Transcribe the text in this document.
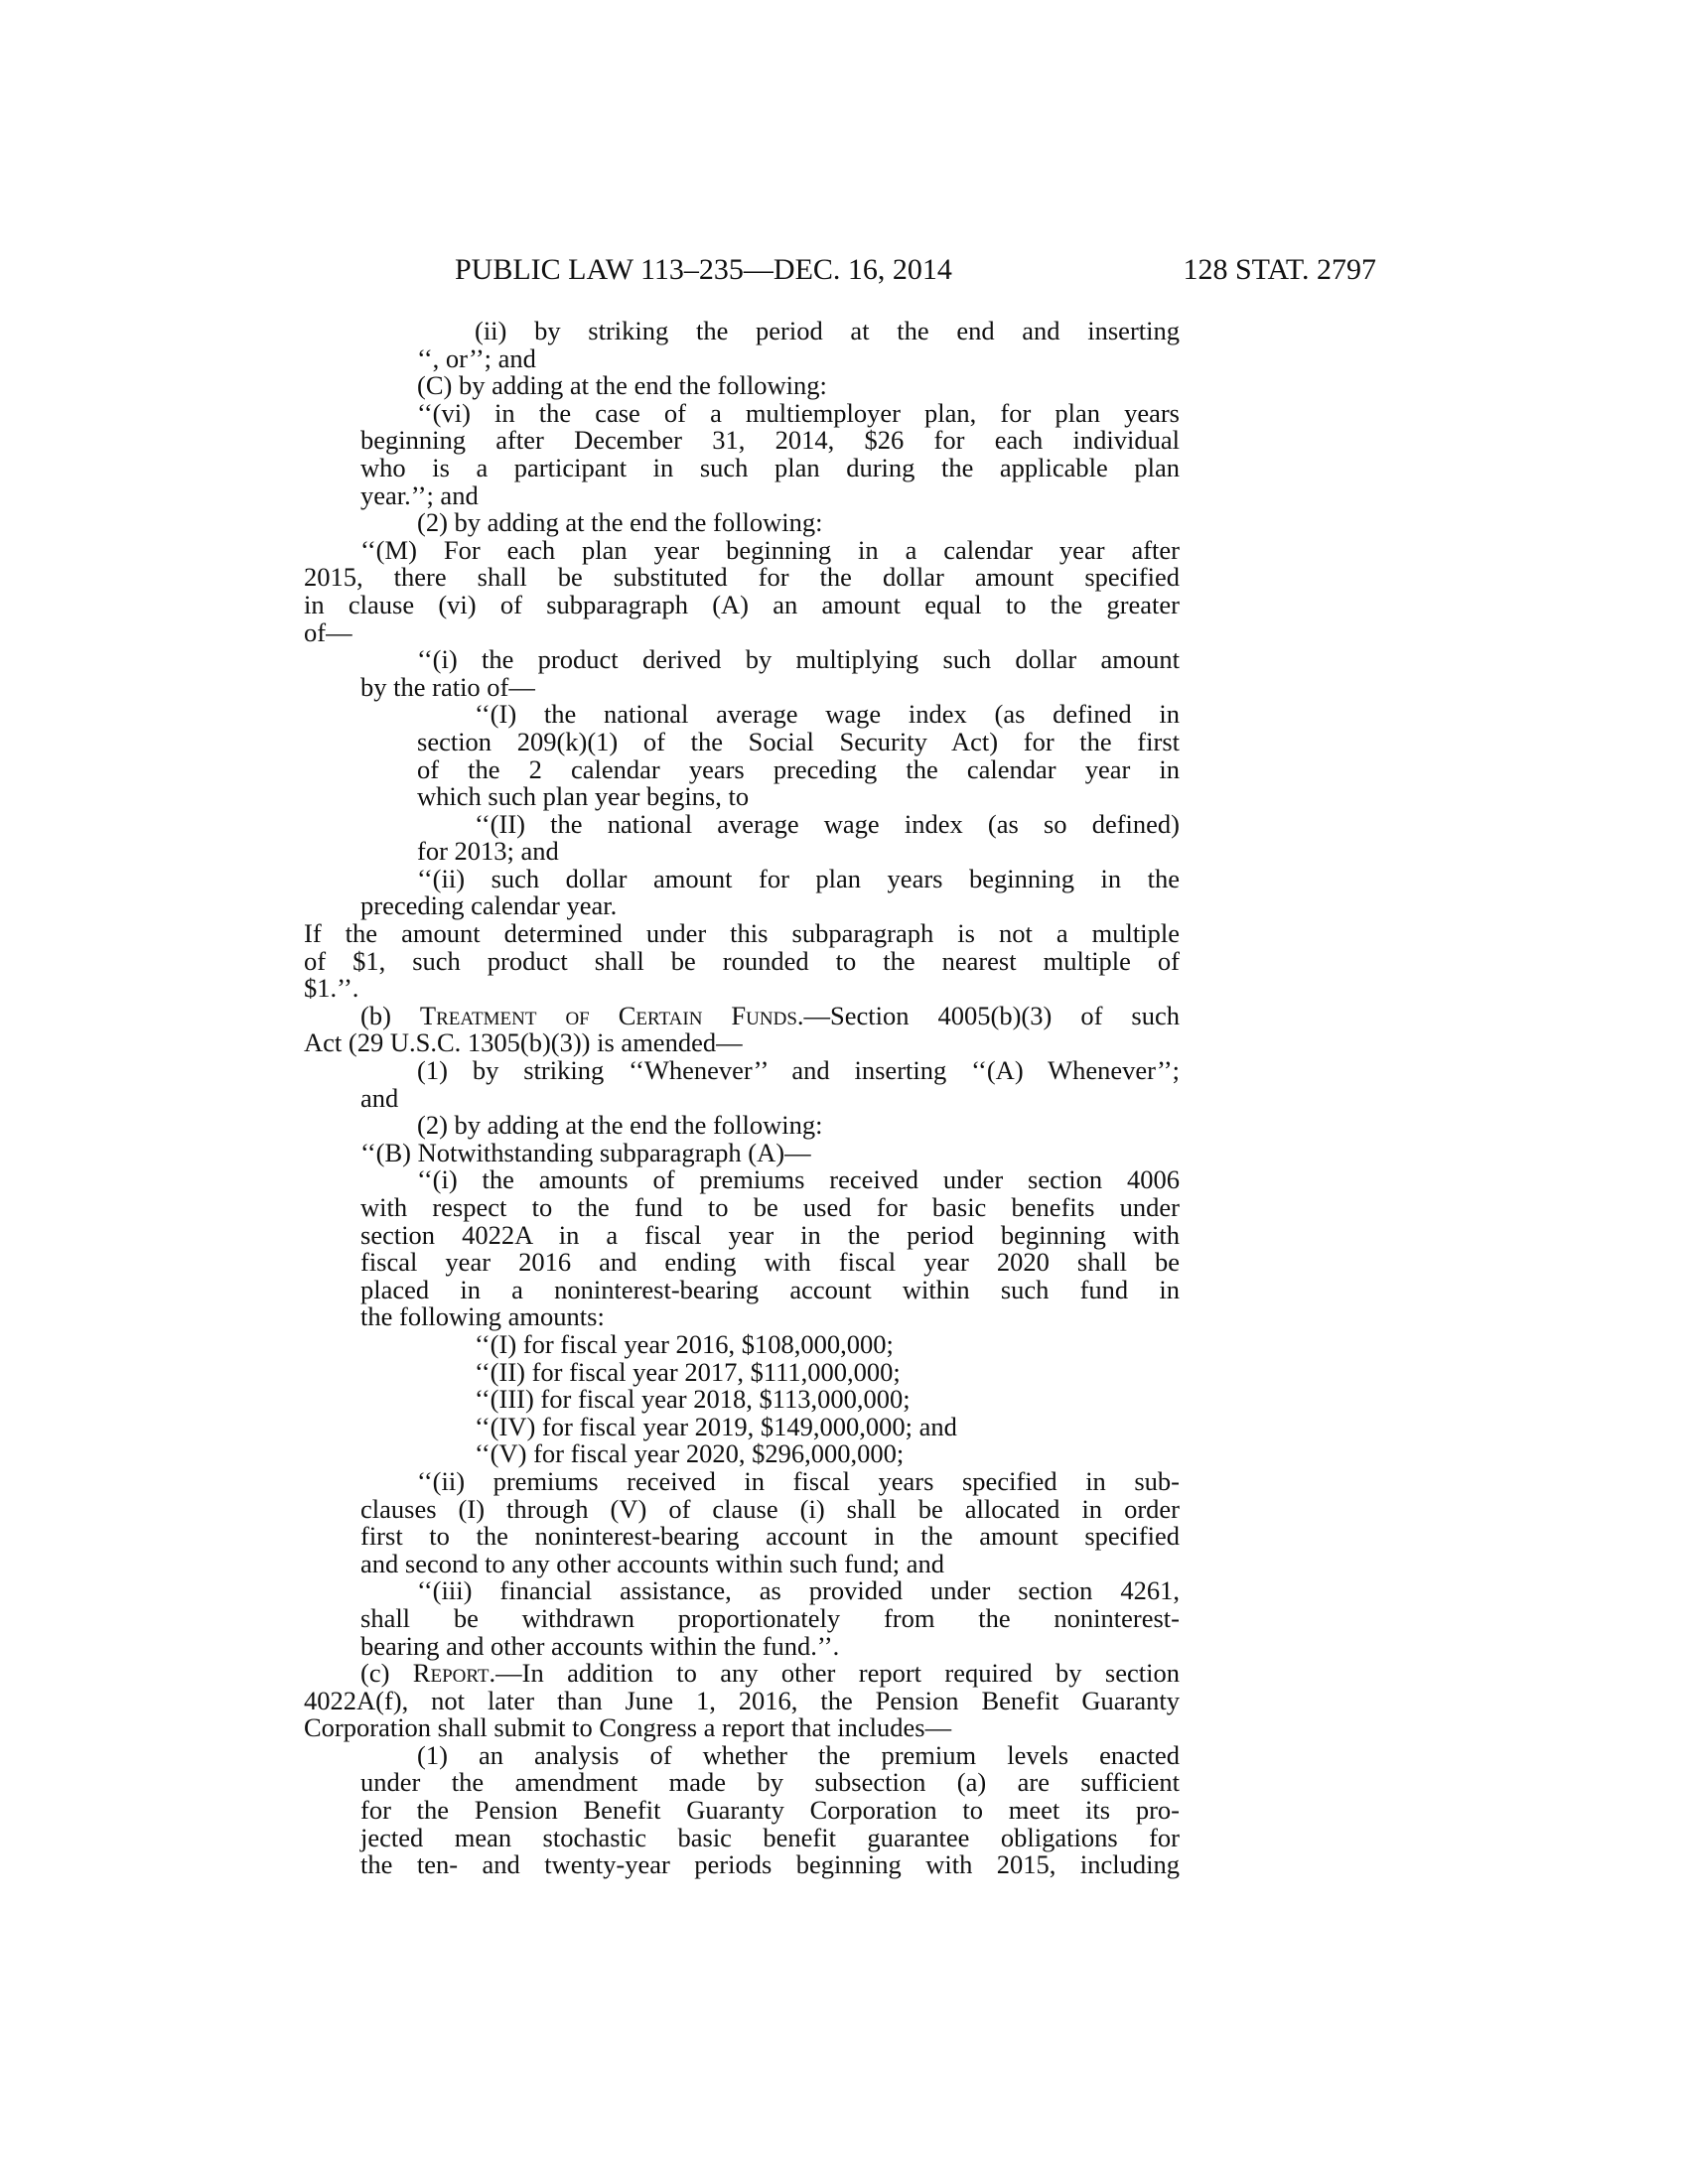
PUBLIC LAW 113–235—DEC. 16, 2014	128 STAT. 2797
(ii) by striking the period at the end and inserting
‘‘, or’’; and
(C) by adding at the end the following:
‘‘(vi) in the case of a multiemployer plan, for plan years
beginning after December 31, 2014, $26 for each individual
who is a participant in such plan during the applicable plan
year.’’; and
(2) by adding at the end the following:
‘‘(M) For each plan year beginning in a calendar year after
2015, there shall be substituted for the dollar amount specified
in clause (vi) of subparagraph (A) an amount equal to the greater
of—
‘‘(i) the product derived by multiplying such dollar amount
by the ratio of—
‘‘(I) the national average wage index (as defined in
section 209(k)(1) of the Social Security Act) for the first
of the 2 calendar years preceding the calendar year in
which such plan year begins, to
‘‘(II) the national average wage index (as so defined)
for 2013; and
‘‘(ii) such dollar amount for plan years beginning in the
preceding calendar year.
If the amount determined under this subparagraph is not a multiple
of $1, such product shall be rounded to the nearest multiple of
$1.’’.
(b) Treatment of Certain Funds.—Section 4005(b)(3) of such
Act (29 U.S.C. 1305(b)(3)) is amended—
(1) by striking ‘‘Whenever’’ and inserting ‘‘(A) Whenever’’;
and
(2) by adding at the end the following:
‘‘(B) Notwithstanding subparagraph (A)—
‘‘(i) the amounts of premiums received under section 4006
with respect to the fund to be used for basic benefits under
section 4022A in a fiscal year in the period beginning with
fiscal year 2016 and ending with fiscal year 2020 shall be
placed in a noninterest-bearing account within such fund in
the following amounts:
‘‘(I) for fiscal year 2016, $108,000,000;
‘‘(II) for fiscal year 2017, $111,000,000;
‘‘(III) for fiscal year 2018, $113,000,000;
‘‘(IV) for fiscal year 2019, $149,000,000; and
‘‘(V) for fiscal year 2020, $296,000,000;
‘‘(ii) premiums received in fiscal years specified in sub-
clauses (I) through (V) of clause (i) shall be allocated in order
first to the noninterest-bearing account in the amount specified
and second to any other accounts within such fund; and
‘‘(iii) financial assistance, as provided under section 4261,
shall be withdrawn proportionately from the noninterest-
bearing and other accounts within the fund.’’.
(c) Report.—In addition to any other report required by section
4022A(f), not later than June 1, 2016, the Pension Benefit Guaranty
Corporation shall submit to Congress a report that includes—
(1) an analysis of whether the premium levels enacted
under the amendment made by subsection (a) are sufficient
for the Pension Benefit Guaranty Corporation to meet its pro-
jected mean stochastic basic benefit guarantee obligations for
the ten- and twenty-year periods beginning with 2015, including
